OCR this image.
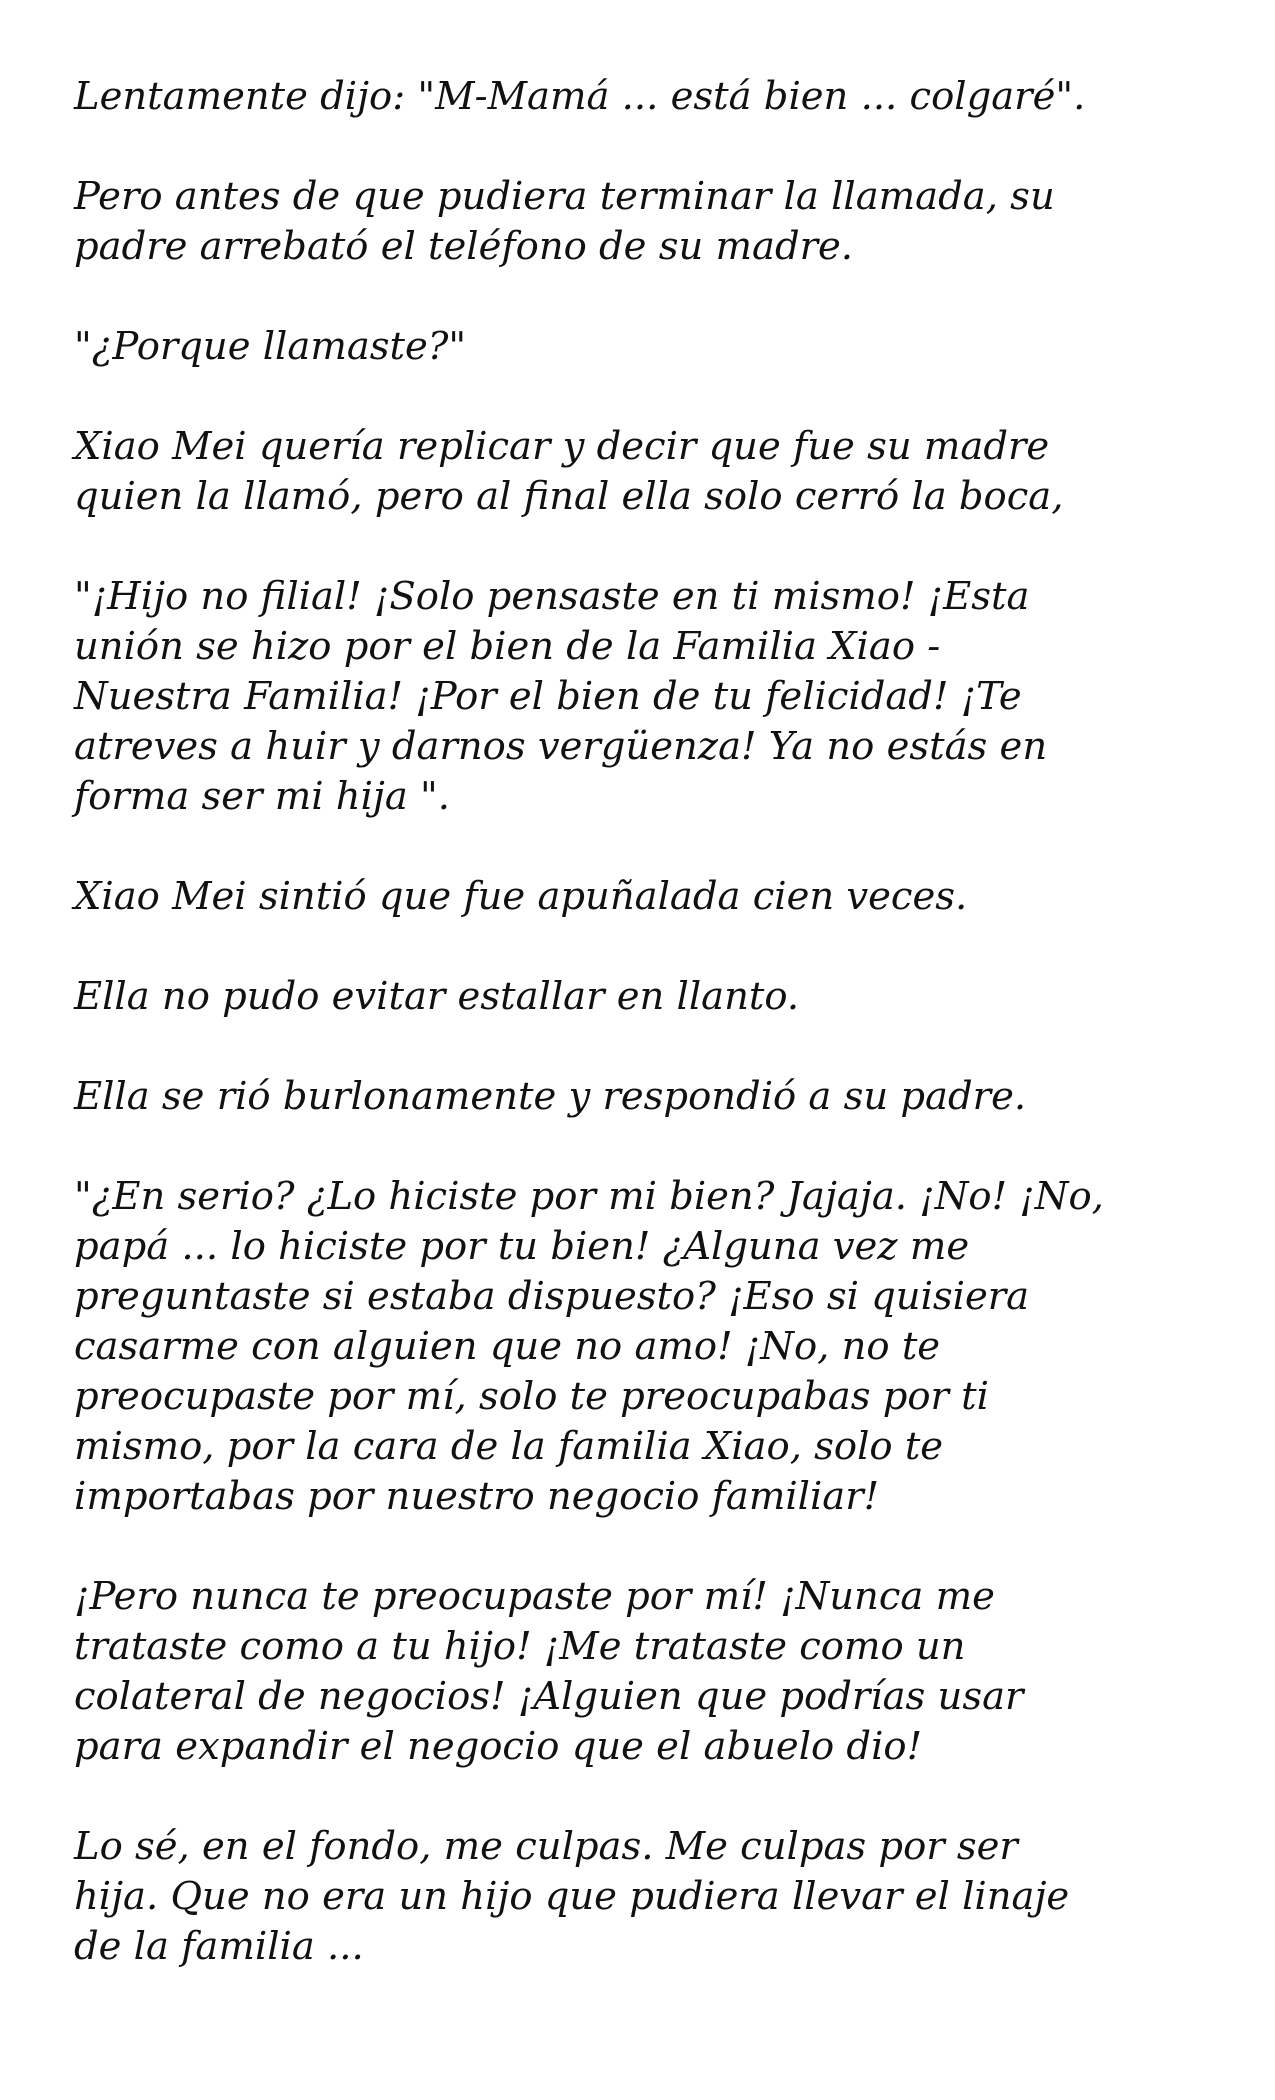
Lentamente dijo: "M-Mamá ... está bien ... colgaré".

Pero antes de que pudiera terminar la llamada, su
padre arrebató el teléfono de su madre.

"¿Porque llamaste?"

Xiao Mei quería replicar y decir que fue su madre
quien la llamó, pero al final ella solo cerró la boca,

"¡Hijo no filial! ¡Solo pensaste en ti mismo! ¡Esta
unión se hizo por el bien de la Familia Xiao -
Nuestra Familia! ¡Por el bien de tu felicidad! ¡Te
atreves a huir y darnos vergüenza! Ya no estás en
forma ser mi hija ".

Xiao Mei sintió que fue apuñalada cien veces.

Ella no pudo evitar estallar en llanto.

Ella se rió burlonamente y respondió a su padre.

"¿En serio? ¿Lo hiciste por mi bien? Jajaja. ¡No! ¡No,
papá ... lo hiciste por tu bien! ¿Alguna vez me
preguntaste si estaba dispuesto? ¡Eso si quisiera
casarme con alguien que no amo! ¡No, no te
preocupaste por mí, solo te preocupabas por ti
mismo, por la cara de la familia Xiao, solo te
importabas por nuestro negocio familiar!

¡Pero nunca te preocupaste por mí! ¡Nunca me
trataste como a tu hijo! ¡Me trataste como un
colateral de negocios! ¡Alguien que podrías usar
para expandir el negocio que el abuelo dio!

Lo sé, en el fondo, me culpas. Me culpas por ser
hija. Que no era un hijo que pudiera llevar el linaje
de la familia ...
